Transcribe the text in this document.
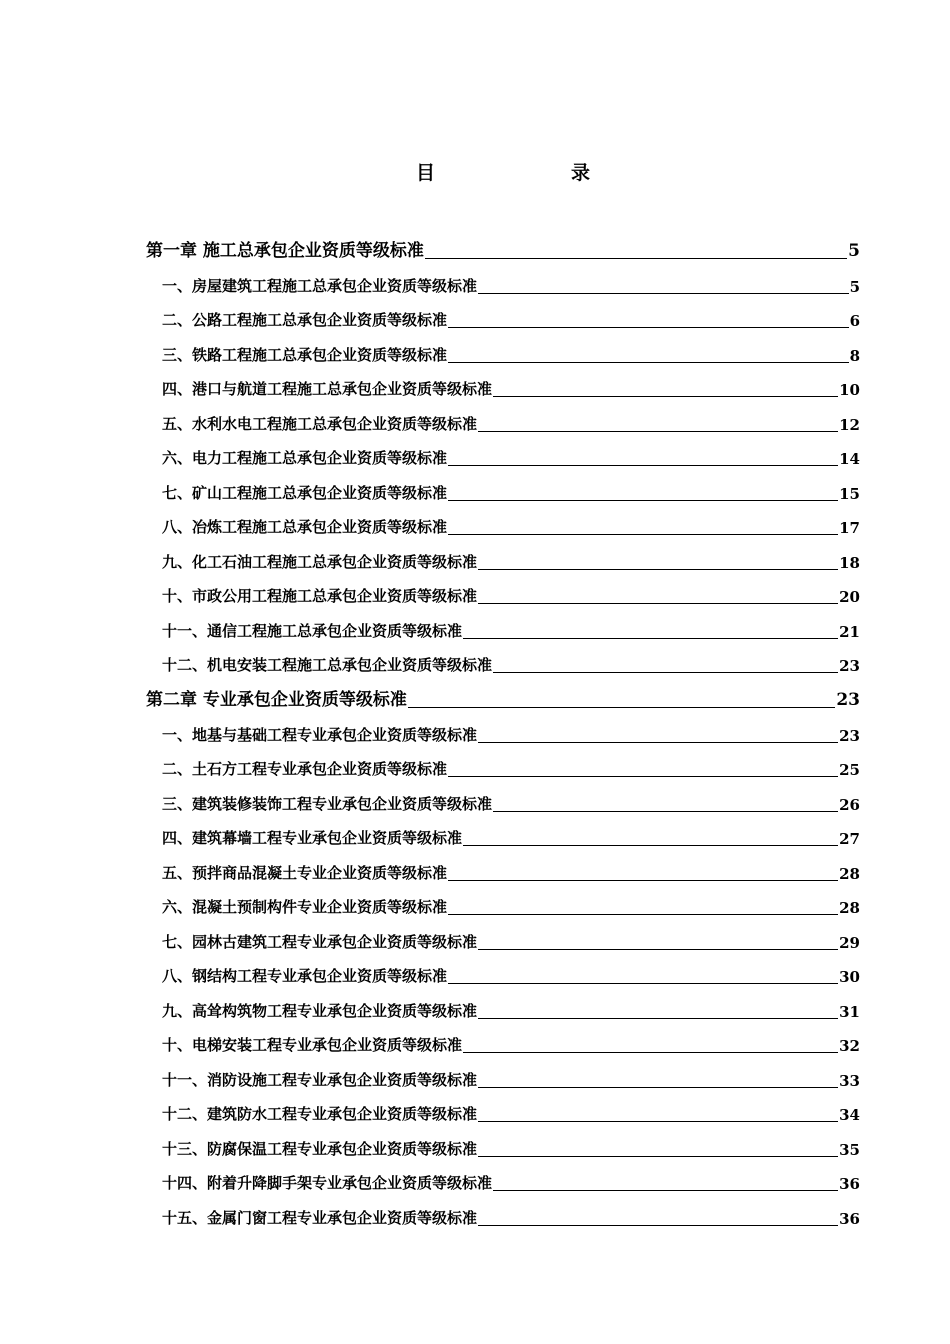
目	录
第一章 施工总承包企业资质等级标准	5
一、房屋建筑工程施工总承包企业资质等级标准	5
二、公路工程施工总承包企业资质等级标准	6
三、铁路工程施工总承包企业资质等级标准	8
四、港口与航道工程施工总承包企业资质等级标准	10
五、水利水电工程施工总承包企业资质等级标准	12
六、电力工程施工总承包企业资质等级标准	14
七、矿山工程施工总承包企业资质等级标准	15
八、冶炼工程施工总承包企业资质等级标准	17
九、化工石油工程施工总承包企业资质等级标准	18
十、市政公用工程施工总承包企业资质等级标准	20
十一、通信工程施工总承包企业资质等级标准	21
十二、机电安装工程施工总承包企业资质等级标准	23
第二章 专业承包企业资质等级标准	23
一、地基与基础工程专业承包企业资质等级标准	23
二、土石方工程专业承包企业资质等级标准	25
三、建筑装修装饰工程专业承包企业资质等级标准	26
四、建筑幕墙工程专业承包企业资质等级标准	27
五、预拌商品混凝土专业企业资质等级标准	28
六、混凝土预制构件专业企业资质等级标准	28
七、园林古建筑工程专业承包企业资质等级标准	29
八、钢结构工程专业承包企业资质等级标准	30
九、高耸构筑物工程专业承包企业资质等级标准	31
十、电梯安装工程专业承包企业资质等级标准	32
十一、消防设施工程专业承包企业资质等级标准	33
十二、建筑防水工程专业承包企业资质等级标准	34
十三、防腐保温工程专业承包企业资质等级标准	35
十四、附着升降脚手架专业承包企业资质等级标准	36
十五、金属门窗工程专业承包企业资质等级标准	36
